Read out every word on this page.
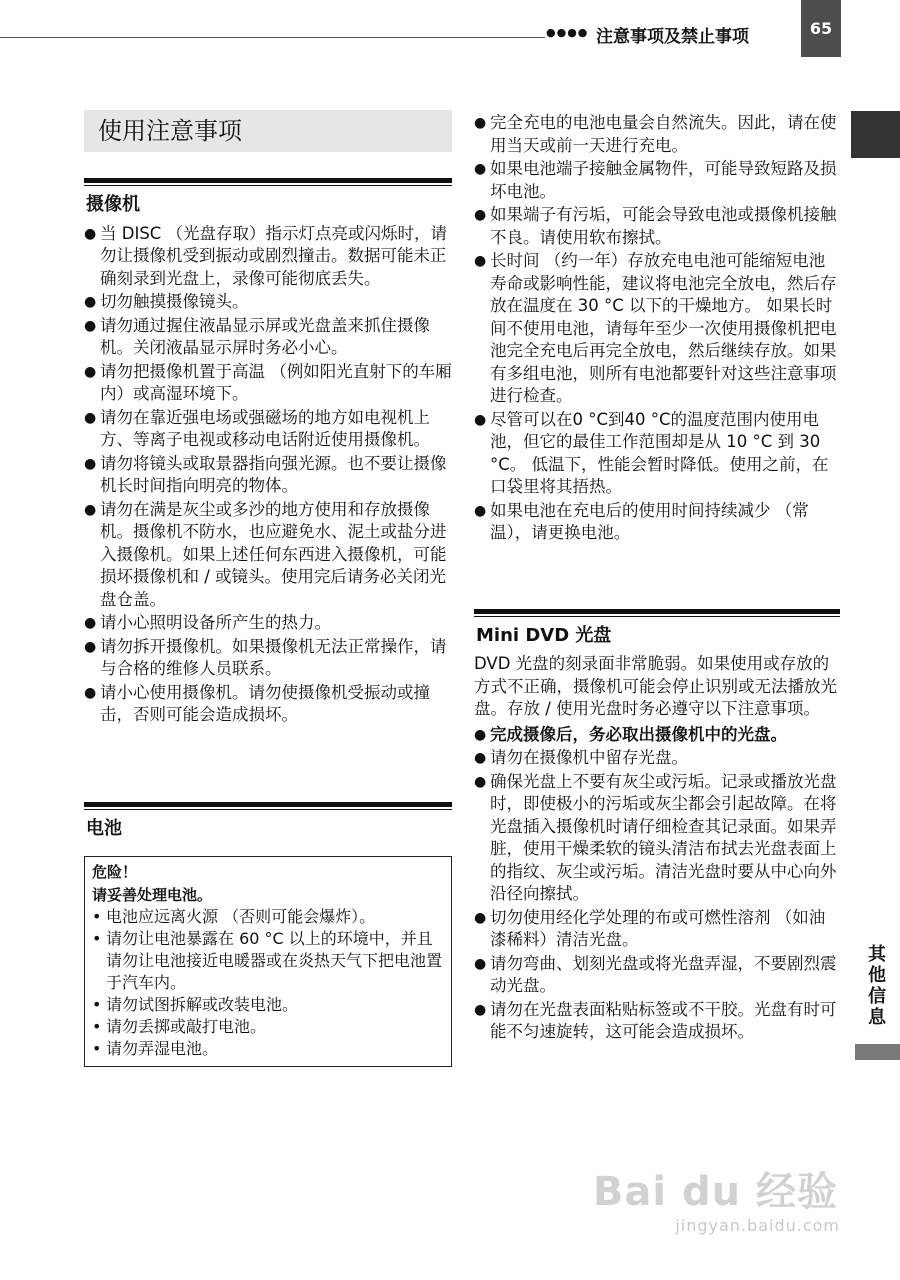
●●●● 注意事项及禁止事项	65
其他信息
使用注意事项
摄像机

● 当 DISC （光盘存取）指示灯点亮或闪烁时，请勿让摄像机受到振动或剧烈撞击。数据可能未正确刻录到光盘上，录像可能彻底丢失。

● 切勿触摸摄像镜头。

● 请勿通过握住液晶显示屏或光盘盖来抓住摄像机。关闭液晶显示屏时务必小心。

● 请勿把摄像机置于高温 （例如阳光直射下的车厢内）或高湿环境下。

● 请勿在靠近强电场或强磁场的地方如电视机上方、等离子电视或移动电话附近使用摄像机。

● 请勿将镜头或取景器指向强光源。也不要让摄像机长时间指向明亮的物体。

● 请勿在满是灰尘或多沙的地方使用和存放摄像机。摄像机不防水，也应避免水、泥土或盐分进入摄像机。如果上述任何东西进入摄像机，可能损坏摄像机和 / 或镜头。使用完后请务必关闭光盘仓盖。

● 请小心照明设备所产生的热力。

● 请勿拆开摄像机。如果摄像机无法正常操作，请与合格的维修人员联系。

● 请小心使用摄像机。请勿使摄像机受振动或撞击，否则可能会造成损坏。

电池
危险！
请妥善处理电池。
• 电池应远离火源 （否则可能会爆炸）。
• 请勿让电池暴露在 60 °C 以上的环境中，并且请勿让电池接近电暖器或在炎热天气下把电池置于汽车内。
• 请勿试图拆解或改装电池。
• 请勿丢掷或敲打电池。
• 请勿弄湿电池。

● 完全充电的电池电量会自然流失。因此，请在使用当天或前一天进行充电。

● 如果电池端子接触金属物件，可能导致短路及损坏电池。

● 如果端子有污垢，可能会导致电池或摄像机接触不良。请使用软布擦拭。

● 长时间 （约一年）存放充电电池可能缩短电池寿命或影响性能，建议将电池完全放电，然后存放在温度在 30 °C 以下的干燥地方。 如果长时间不使用电池，请每年至少一次使用摄像机把电池完全充电后再完全放电，然后继续存放。如果有多组电池，则所有电池都要针对这些注意事项进行检查。

● 尽管可以在0 °C到40 °C的温度范围内使用电池，但它的最佳工作范围却是从 10 °C 到 30 °C。 低温下，性能会暂时降低。使用之前，在口袋里将其捂热。

● 如果电池在充电后的使用时间持续减少 （常温），请更换电池。

Mini DVD 光盘

DVD 光盘的刻录面非常脆弱。如果使用或存放的方式不正确，摄像机可能会停止识别或无法播放光盘。存放 / 使用光盘时务必遵守以下注意事项。

● 完成摄像后，务必取出摄像机中的光盘。

● 请勿在摄像机中留存光盘。

● 确保光盘上不要有灰尘或污垢。记录或播放光盘时，即使极小的污垢或灰尘都会引起故障。在将光盘插入摄像机时请仔细检查其记录面。如果弄脏，使用干燥柔软的镜头清洁布拭去光盘表面上的指纹、灰尘或污垢。清洁光盘时要从中心向外沿径向擦拭。

● 切勿使用经化学处理的布或可燃性溶剂 （如油漆稀料）清洁光盘。

● 请勿弯曲、划刻光盘或将光盘弄湿，不要剧烈震动光盘。

● 请勿在光盘表面粘贴标签或不干胶。光盘有时可能不匀速旋转，这可能会造成损坏。

Bai du 经验
jingyan.baidu.com
